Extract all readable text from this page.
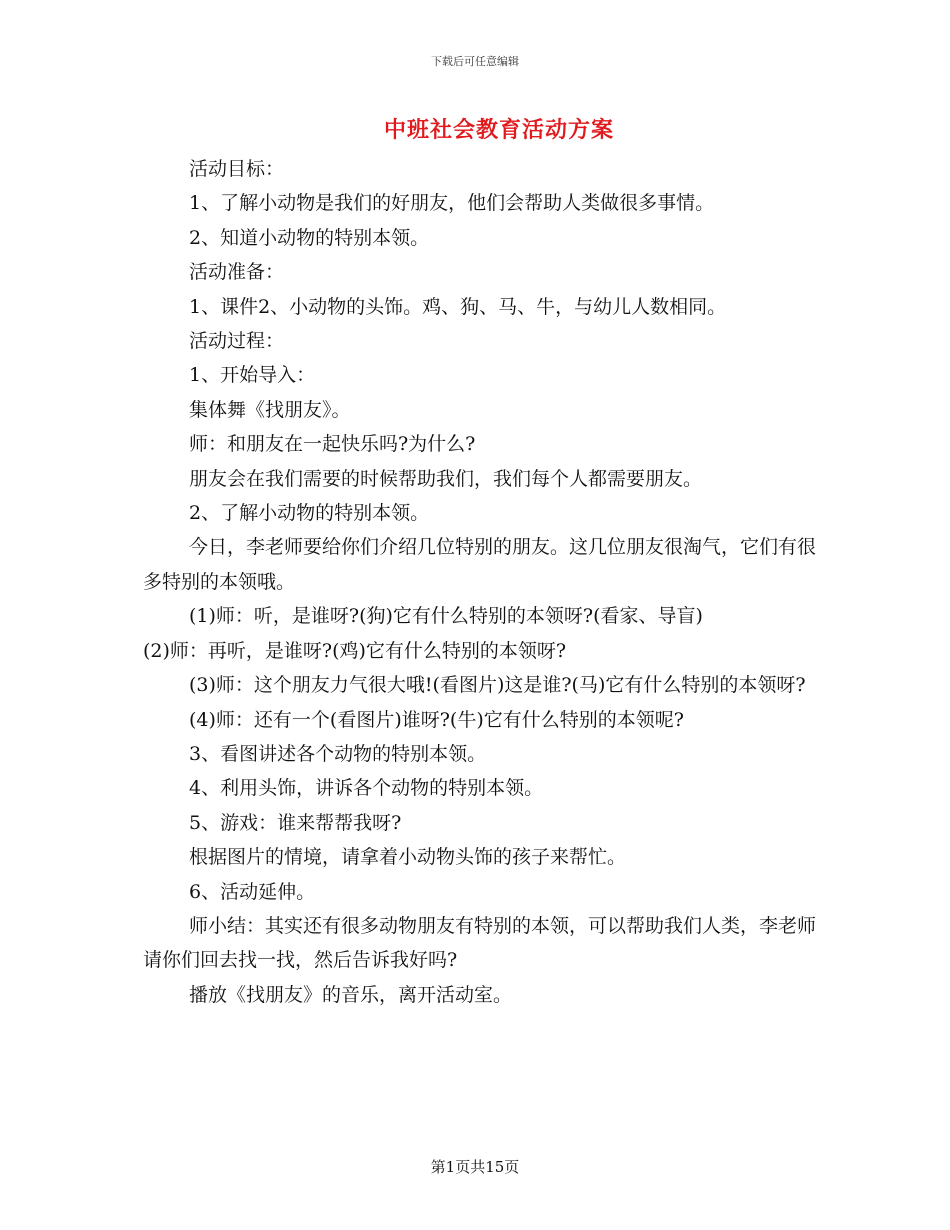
下载后可任意编辑
中班社会教育活动方案

活动目标：

1、了解小动物是我们的好朋友，他们会帮助人类做很多事情。

2、知道小动物的特别本领。

活动准备：

1、课件2、小动物的头饰。鸡、狗、马、牛，与幼儿人数相同。

活动过程：

1、开始导入：

集体舞《找朋友》。

师：和朋友在一起快乐吗?为什么?

朋友会在我们需要的时候帮助我们，我们每个人都需要朋友。

2、了解小动物的特别本领。

今日，李老师要给你们介绍几位特别的朋友。这几位朋友很淘气，它们有很多特别的本领哦。

(1)师：听，是谁呀?(狗)它有什么特别的本领呀?(看家、导盲)

(2)师：再听，是谁呀?(鸡)它有什么特别的本领呀?

(3)师：这个朋友力气很大哦!(看图片)这是谁?(马)它有什么特别的本领呀?

(4)师：还有一个(看图片)谁呀?(牛)它有什么特别的本领呢?

3、看图讲述各个动物的特别本领。

4、利用头饰，讲诉各个动物的特别本领。

5、游戏：谁来帮帮我呀?

根据图片的情境，请拿着小动物头饰的孩子来帮忙。

6、活动延伸。

师小结：其实还有很多动物朋友有特别的本领，可以帮助我们人类，李老师请你们回去找一找，然后告诉我好吗?

播放《找朋友》的音乐，离开活动室。

第1页共15页
